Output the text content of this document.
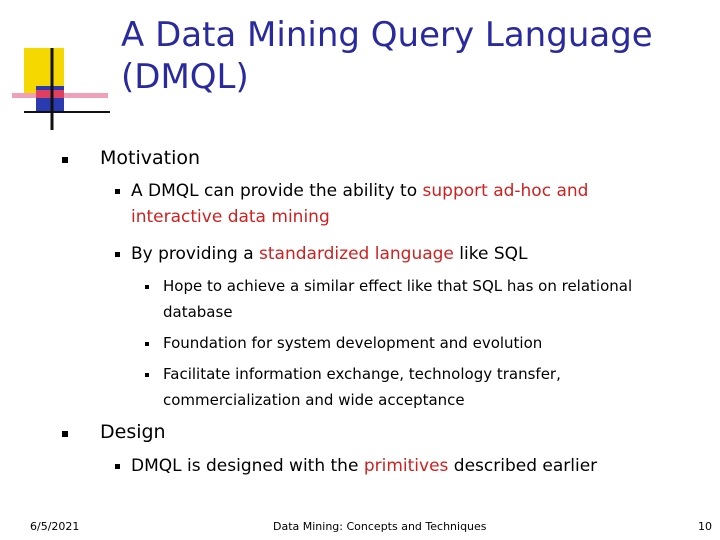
A Data Mining Query Language
(DMQL)
Motivation
A DMQL can provide the ability to support ad-hoc and
interactive data mining
By providing a standardized language like SQL
Hope to achieve a similar effect like that SQL has on relational
database
Foundation for system development and evolution
Facilitate information exchange, technology transfer,
commercialization and wide acceptance
Design
DMQL is designed with the primitives described earlier
6/5/2021	Data Mining: Concepts and Techniques	10
